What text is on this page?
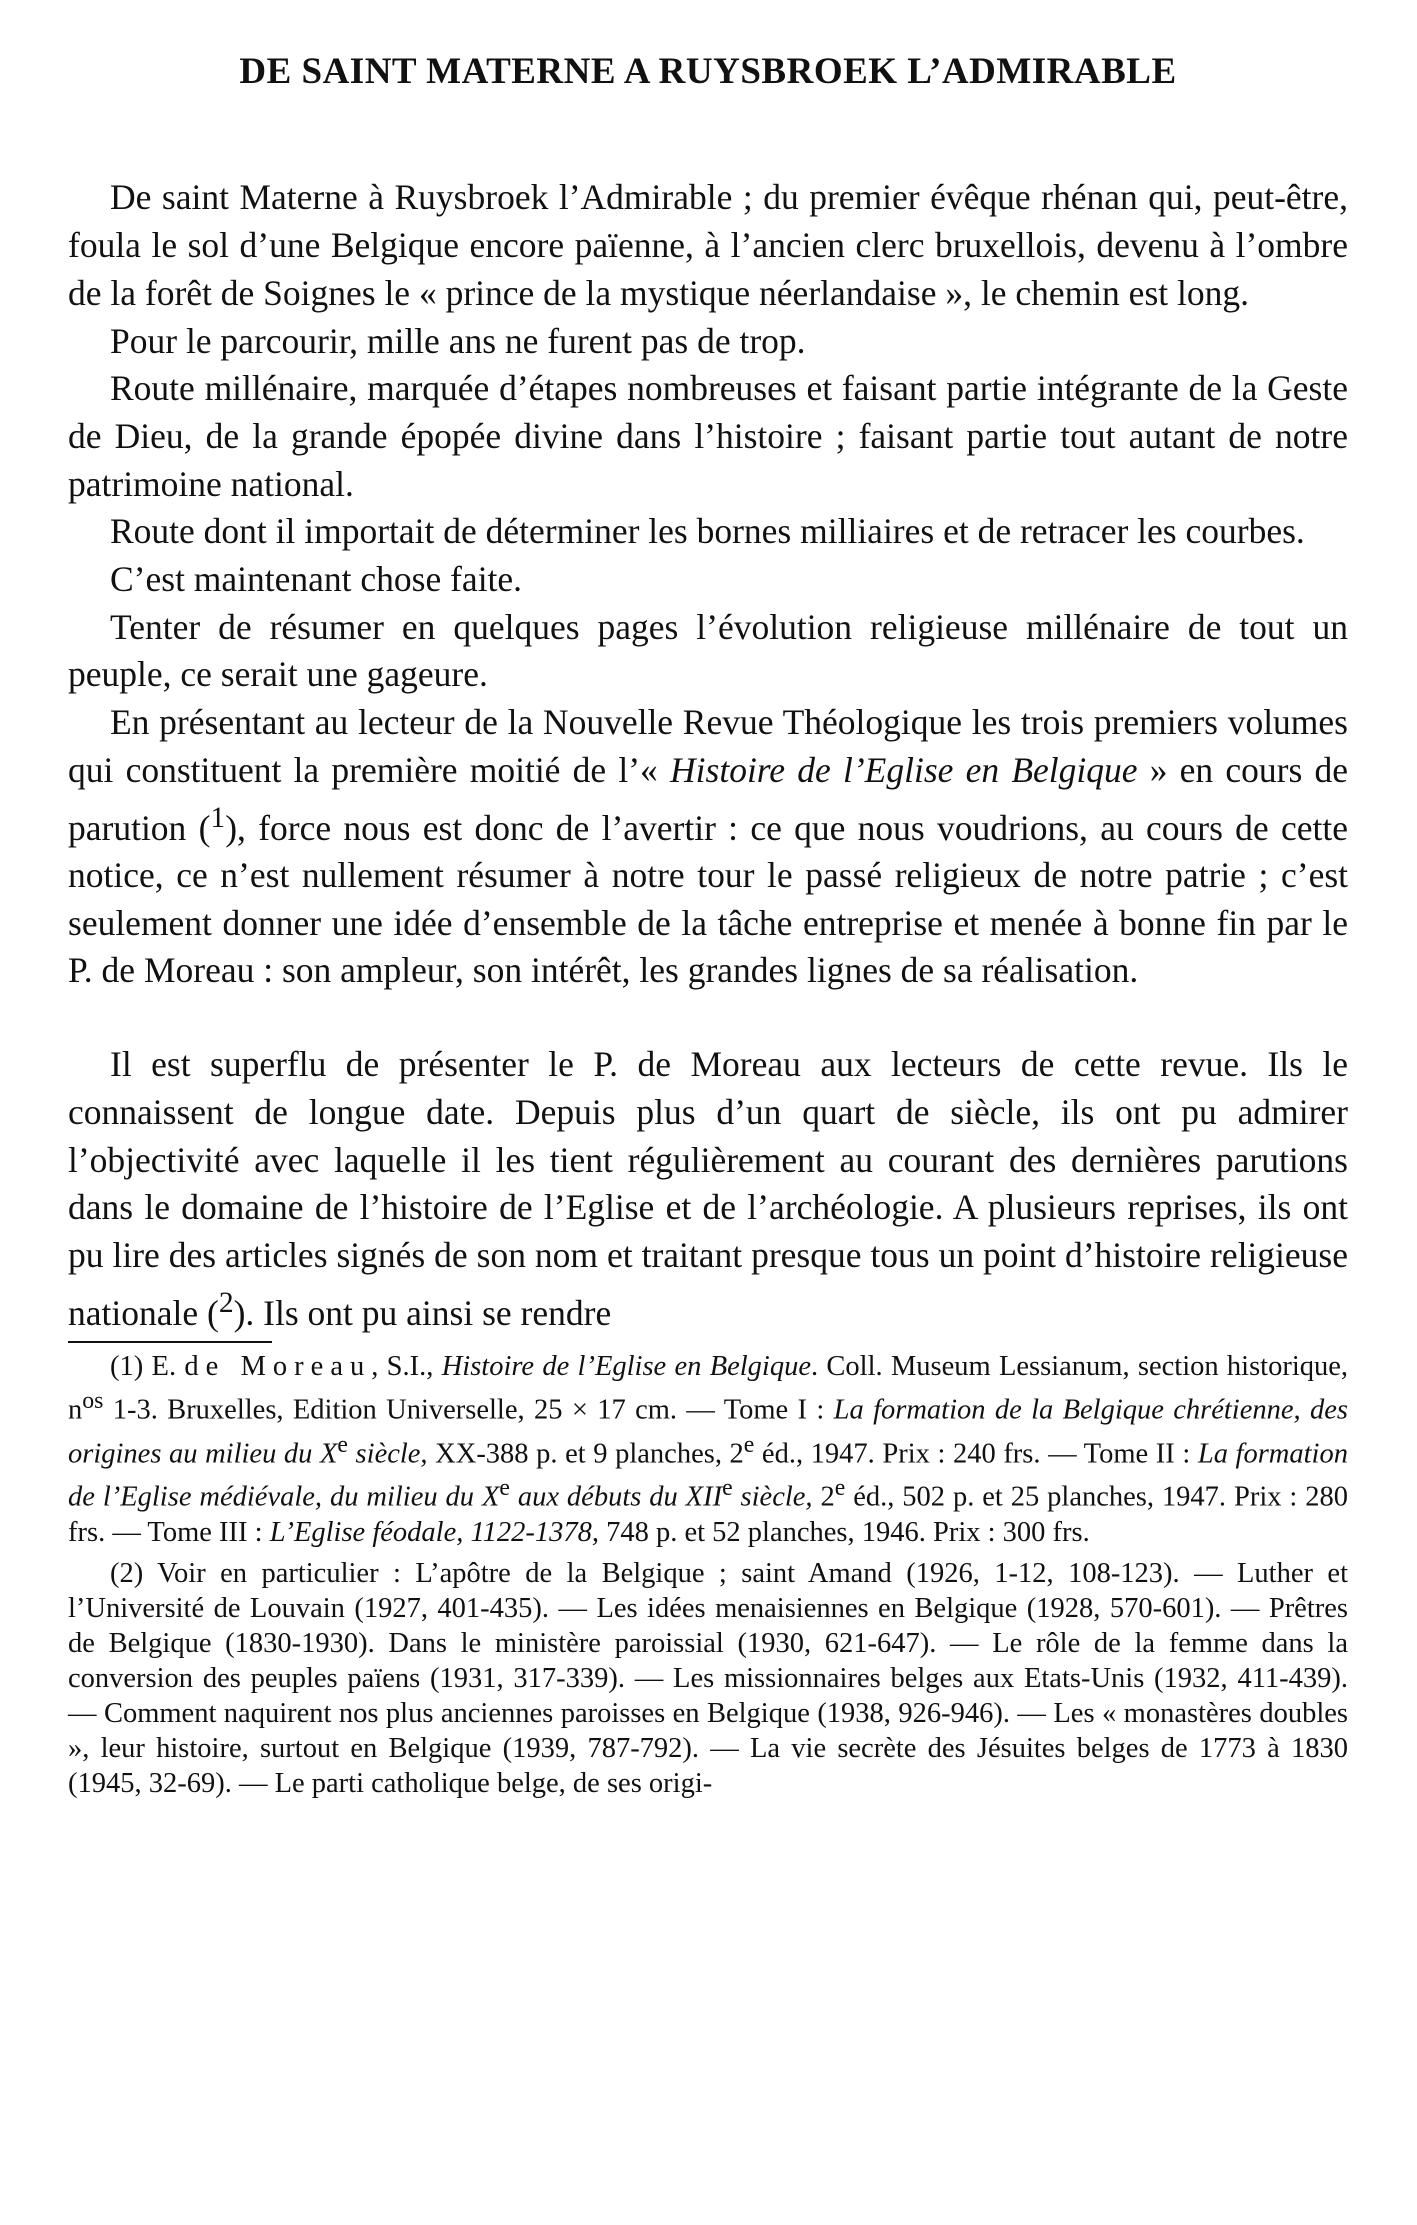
DE SAINT MATERNE A RUYSBROEK L’ADMIRABLE

De saint Materne à Ruysbroek l’Admirable ; du premier évêque rhénan qui, peut-être, foula le sol d’une Belgique encore païenne, à l’ancien clerc bruxellois, devenu à l’ombre de la forêt de Soignes le « prince de la mystique néerlandaise », le chemin est long.

Pour le parcourir, mille ans ne furent pas de trop.

Route millénaire, marquée d’étapes nombreuses et faisant partie intégrante de la Geste de Dieu, de la grande épopée divine dans l’histoire ; faisant partie tout autant de notre patrimoine national.

Route dont il importait de déterminer les bornes milliaires et de retracer les courbes.

C’est maintenant chose faite.

Tenter de résumer en quelques pages l’évolution religieuse millénaire de tout un peuple, ce serait une gageure.

En présentant au lecteur de la Nouvelle Revue Théologique les trois premiers volumes qui constituent la première moitié de l’« Histoire de l’Eglise en Belgique » en cours de parution ($^1$), force nous est donc de l’avertir : ce que nous voudrions, au cours de cette notice, ce n’est nullement résumer à notre tour le passé religieux de notre patrie ; c’est seulement donner une idée d’ensemble de la tâche entreprise et menée à bonne fin par le P. de Moreau : son ampleur, son intérêt, les grandes lignes de sa réalisation.

Il est superflu de présenter le P. de Moreau aux lecteurs de cette revue. Ils le connaissent de longue date. Depuis plus d’un quart de siècle, ils ont pu admirer l’objectivité avec laquelle il les tient régulièrement au courant des dernières parutions dans le domaine de l’histoire de l’Eglise et de l’archéologie. A plusieurs reprises, ils ont pu lire des articles signés de son nom et traitant presque tous un point d’histoire religieuse nationale ($^2$). Ils ont pu ainsi se rendre

(1) E. de Moreau, S.I., Histoire de l’Eglise en Belgique. Coll. Museum Lessianum, section historique, $n^{os}$ 1-3. Bruxelles, Edition Universelle, 25 × 17 cm. — Tome I : La formation de la Belgique chrétienne, des origines au milieu du Xe siècle, XX-388 p. et 9 planches, 2e éd., 1947. Prix : 240 frs. — Tome II : La formation de l’Eglise médiévale, du milieu du Xe aux débuts du XIIe siècle, 2e éd., 502 p. et 25 planches, 1947. Prix : 280 frs. — Tome III : L’Eglise féodale, 1122-1378, 748 p. et 52 planches, 1946. Prix : 300 frs.

(2) Voir en particulier : L’apôtre de la Belgique ; saint Amand (1926, 1-12, 108-123). — Luther et l’Université de Louvain (1927, 401-435). — Les idées menaisiennes en Belgique (1928, 570-601). — Prêtres de Belgique (1830-1930). Dans le ministère paroissial (1930, 621-647). — Le rôle de la femme dans la conversion des peuples païens (1931, 317-339). — Les missionnaires belges aux Etats-Unis (1932, 411-439). — Comment naquirent nos plus anciennes paroisses en Belgique (1938, 926-946). — Les « monastères doubles », leur histoire, surtout en Belgique (1939, 787-792). — La vie secrète des Jésuites belges de 1773 à 1830 (1945, 32-69). — Le parti catholique belge, de ses origi-
